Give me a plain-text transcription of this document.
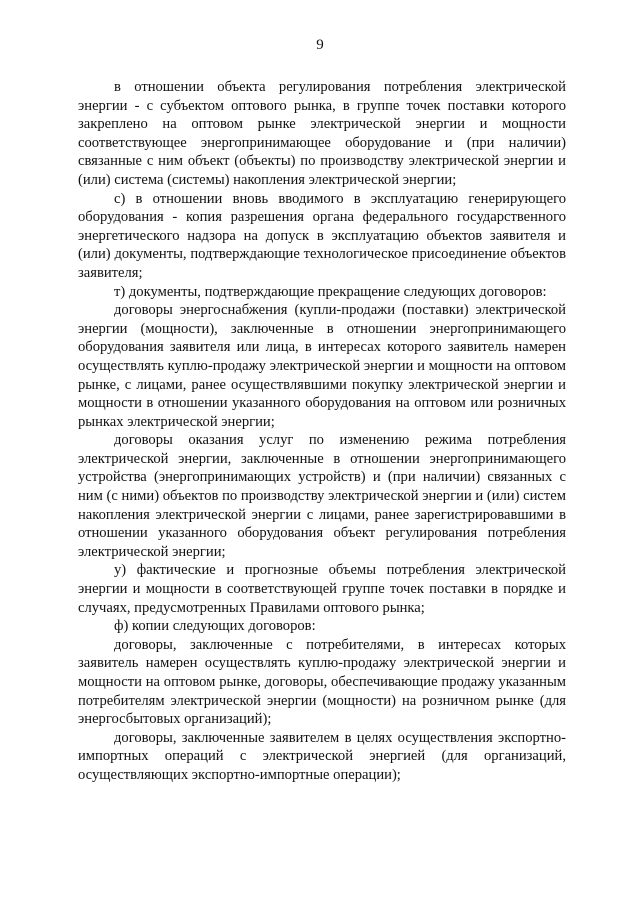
9

в отношении объекта регулирования потребления электрической энергии - с субъектом оптового рынка, в группе точек поставки которого закреплено на оптовом рынке электрической энергии и мощности соответствующее энергопринимающее оборудование и (при наличии) связанные с ним объект (объекты) по производству электрической энергии и (или) система (системы) накопления электрической энергии;

с) в отношении вновь вводимого в эксплуатацию генерирующего оборудования - копия разрешения органа федерального государственного энергетического надзора на допуск в эксплуатацию объектов заявителя и (или) документы, подтверждающие технологическое присоединение объектов заявителя;

т) документы, подтверждающие прекращение следующих договоров:

договоры энергоснабжения (купли-продажи (поставки) электрической энергии (мощности), заключенные в отношении энергопринимающего оборудования заявителя или лица, в интересах которого заявитель намерен осуществлять куплю-продажу электрической энергии и мощности на оптовом рынке, с лицами, ранее осуществлявшими покупку электрической энергии и мощности в отношении указанного оборудования на оптовом или розничных рынках электрической энергии;

договоры оказания услуг по изменению режима потребления электрической энергии, заключенные в отношении энергопринимающего устройства (энергопринимающих устройств) и (при наличии) связанных с ним (с ними) объектов по производству электрической энергии и (или) систем накопления электрической энергии с лицами, ранее зарегистрировавшими в отношении указанного оборудования объект регулирования потребления электрической энергии;

у) фактические и прогнозные объемы потребления электрической энергии и мощности в соответствующей группе точек поставки в порядке и случаях, предусмотренных Правилами оптового рынка;

ф) копии следующих договоров:

договоры, заключенные с потребителями, в интересах которых заявитель намерен осуществлять куплю-продажу электрической энергии и мощности на оптовом рынке, договоры, обеспечивающие продажу указанным потребителям электрической энергии (мощности) на розничном рынке (для энергосбытовых организаций);

договоры, заключенные заявителем в целях осуществления экспортно-импортных операций с электрической энергией (для организаций, осуществляющих экспортно-импортные операции);
